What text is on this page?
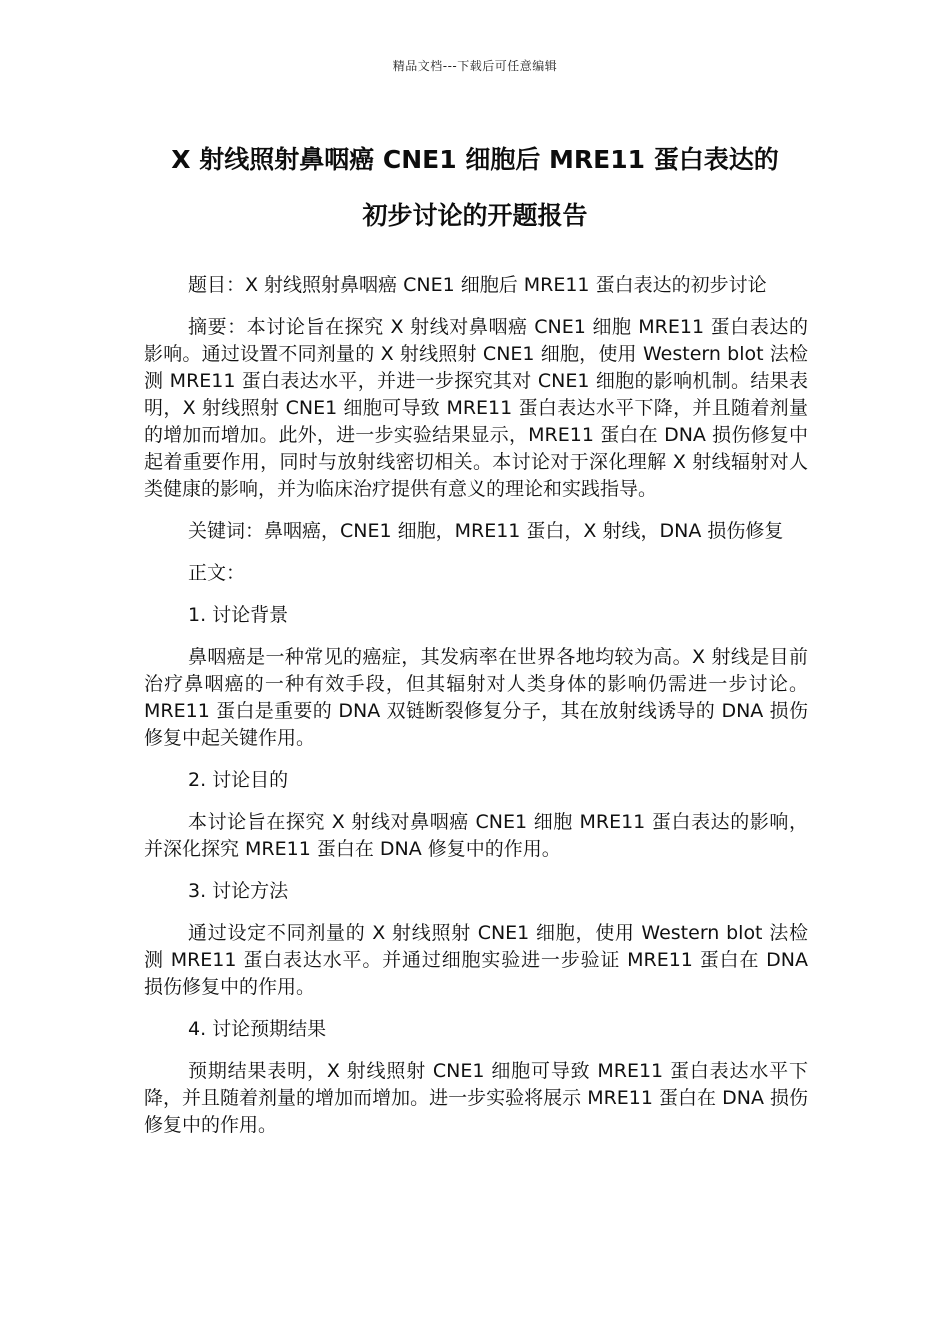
精品文档---下载后可任意编辑
X 射线照射鼻咽癌 CNE1 细胞后 MRE11 蛋白表达的
初步讨论的开题报告

题目：X 射线照射鼻咽癌 CNE1 细胞后 MRE11 蛋白表达的初步讨论

摘要：本讨论旨在探究 X 射线对鼻咽癌 CNE1 细胞 MRE11 蛋白表达的影响。通过设置不同剂量的 X 射线照射 CNE1 细胞，使用 Western blot 法检测 MRE11 蛋白表达水平，并进一步探究其对 CNE1 细胞的影响机制。结果表明，X 射线照射 CNE1 细胞可导致 MRE11 蛋白表达水平下降，并且随着剂量的增加而增加。此外，进一步实验结果显示，MRE11 蛋白在 DNA 损伤修复中起着重要作用，同时与放射线密切相关。本讨论对于深化理解 X 射线辐射对人类健康的影响，并为临床治疗提供有意义的理论和实践指导。

关键词：鼻咽癌，CNE1 细胞，MRE11 蛋白，X 射线，DNA 损伤修复

正文：

1. 讨论背景

鼻咽癌是一种常见的癌症，其发病率在世界各地均较为高。X 射线是目前治疗鼻咽癌的一种有效手段，但其辐射对人类身体的影响仍需进一步讨论。MRE11 蛋白是重要的 DNA 双链断裂修复分子，其在放射线诱导的 DNA 损伤修复中起关键作用。

2. 讨论目的

本讨论旨在探究 X 射线对鼻咽癌 CNE1 细胞 MRE11 蛋白表达的影响，并深化探究 MRE11 蛋白在 DNA 修复中的作用。

3. 讨论方法

通过设定不同剂量的 X 射线照射 CNE1 细胞，使用 Western blot 法检测 MRE11 蛋白表达水平。并通过细胞实验进一步验证 MRE11 蛋白在 DNA 损伤修复中的作用。

4. 讨论预期结果

预期结果表明，X 射线照射 CNE1 细胞可导致 MRE11 蛋白表达水平下降，并且随着剂量的增加而增加。进一步实验将展示 MRE11 蛋白在 DNA 损伤修复中的作用。
